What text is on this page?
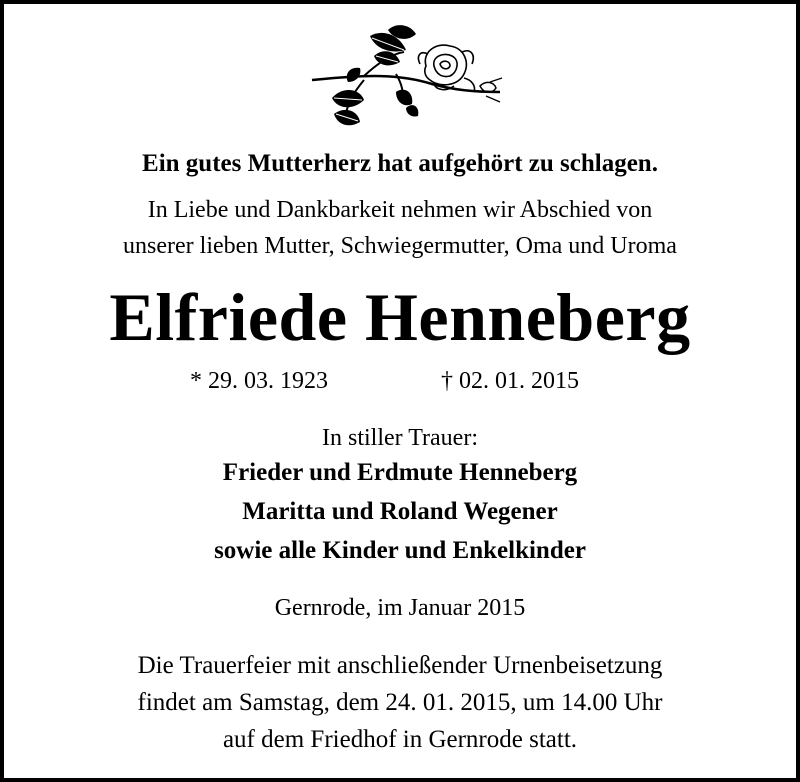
Ein gutes Mutterherz hat aufgehört zu schlagen.
In Liebe und Dankbarkeit nehmen wir Abschied von
unserer lieben Mutter, Schwiegermutter, Oma und Uroma
Elfriede Henneberg
* 29. 03. 1923	† 02. 01. 2015
In stiller Trauer:
Frieder und Erdmute Henneberg
Maritta und Roland Wegener
sowie alle Kinder und Enkelkinder
Gernrode, im Januar 2015
Die Trauerfeier mit anschließender Urnenbeisetzung
findet am Samstag, dem 24. 01. 2015, um 14.00 Uhr
auf dem Friedhof in Gernrode statt.
